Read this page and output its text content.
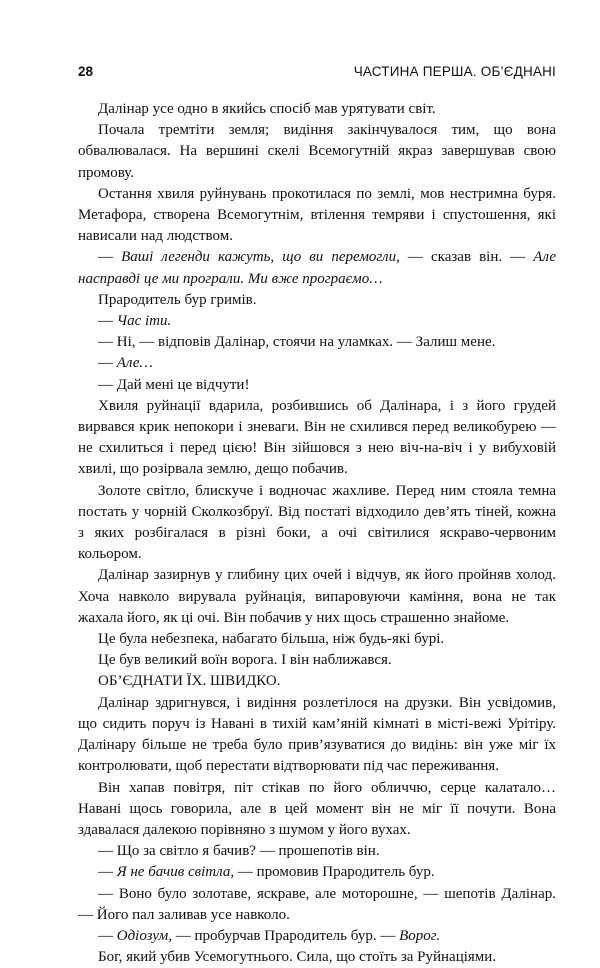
28	ЧАСТИНА ПЕРША. ОБ’ЄДНАНІ

Далінар усе одно в якийсь спосіб мав урятувати світ.

Почала тремтіти земля; видіння закінчувалося тим, що вона обвалювалася. На вершині скелі Всемогутній якраз завершував свою промову.

Остання хвиля руйнувань прокотилася по землі, мов нестримна буря. Метафора, створена Всемогутнім, втілення темряви і спустошення, які нависали над людством.

— Ваші легенди кажуть, що ви перемогли, — сказав він. — Але насправді це ми програли. Ми вже програємо…

Прародитель бур гримів.

— Час іти.

— Ні, — відповів Далінар, стоячи на уламках. — Залиш мене.

— Але…

— Дай мені це відчути!

Хвиля руйнації вдарила, розбившись об Далінара, і з його грудей вирвався крик непокори і зневаги. Він не схилився перед великобурею — не схилиться і перед цією! Він зійшовся з нею віч-на-віч і у вибуховій хвилі, що розірвала землю, дещо побачив.

Золоте світло, блискуче і водночас жахливе. Перед ним стояла темна постать у чорній Сколкозбруї. Від постаті відходило дев’ять тіней, кожна з яких розбігалася в різні боки, а очі світилися яскраво-червоним кольором.

Далінар зазирнув у глибину цих очей і відчув, як його пройняв холод. Хоча навколо вирувала руйнація, випаровуючи каміння, вона не так жахала його, як ці очі. Він побачив у них щось страшенно знайоме.

Це була небезпека, набагато більша, ніж будь-які бурі.

Це був великий воїн ворога. І він наближався.

ОБ’ЄДНАТИ ЇХ. ШВИДКО.

Далінар здригнувся, і видіння розлетілося на друзки. Він усвідомив, що сидить поруч із Навані в тихій кам’яній кімнаті в місті-вежі Урітіру. Далінару більше не треба було прив’язуватися до видінь: він уже міг їх контролювати, щоб перестати відтворювати під час переживання.

Він хапав повітря, піт стікав по його обличчю, серце калатало… Навані щось говорила, але в цей момент він не міг її почути. Вона здавалася далекою порівняно з шумом у його вухах.

— Що за світло я бачив? — прошепотів він.

— Я не бачив світла, — промовив Прародитель бур.

— Воно було золотаве, яскраве, але моторошне, — шепотів Далінар. — Його пал заливав усе навколо.

— Одіозум, — пробурчав Прародитель бур. — Ворог.

Бог, який убив Усемогутнього. Сила, що стоїть за Руйнаціями.
